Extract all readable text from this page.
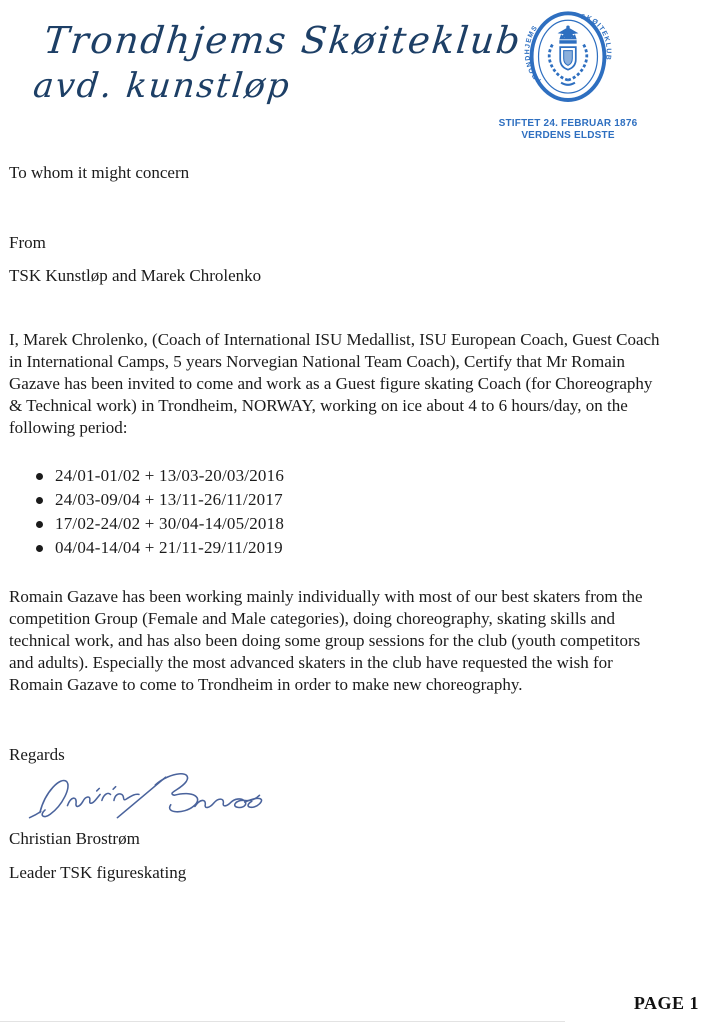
Trondhjems Skøiteklub
avd. kunstløp	TRONDHJEMS
SKØITEKLUB
STIFTET 24. FEBRUAR 1876
VERDENS ELDSTE
To whom it might concern
From
TSK Kunstløp and Marek Chrolenko

I, Marek Chrolenko, (Coach of International ISU Medallist, ISU European Coach, Guest Coach in International Camps, 5 years Norvegian National Team Coach), Certify that Mr Romain Gazave has been invited to come and work as a Guest figure skating Coach (for Choreography & Technical work) in Trondheim, NORWAY, working on ice about 4 to 6 hours/day, on the following period:

24/01-01/02 + 13/03-20/03/2016
24/03-09/04 + 13/11-26/11/2017
17/02-24/02 + 30/04-14/05/2018
04/04-14/04 + 21/11-29/11/2019

Romain Gazave has been working mainly individually with most of our best skaters from the competition Group (Female and Male categories), doing choreography, skating skills and technical work, and has also been doing some group sessions for the club (youth competitors and adults). Especially the most advanced skaters in the club have requested the wish for Romain Gazave to come to Trondheim in order to make new choreography.

Regards
Christian Brostrøm
Leader TSK figureskating
PAGE 1
